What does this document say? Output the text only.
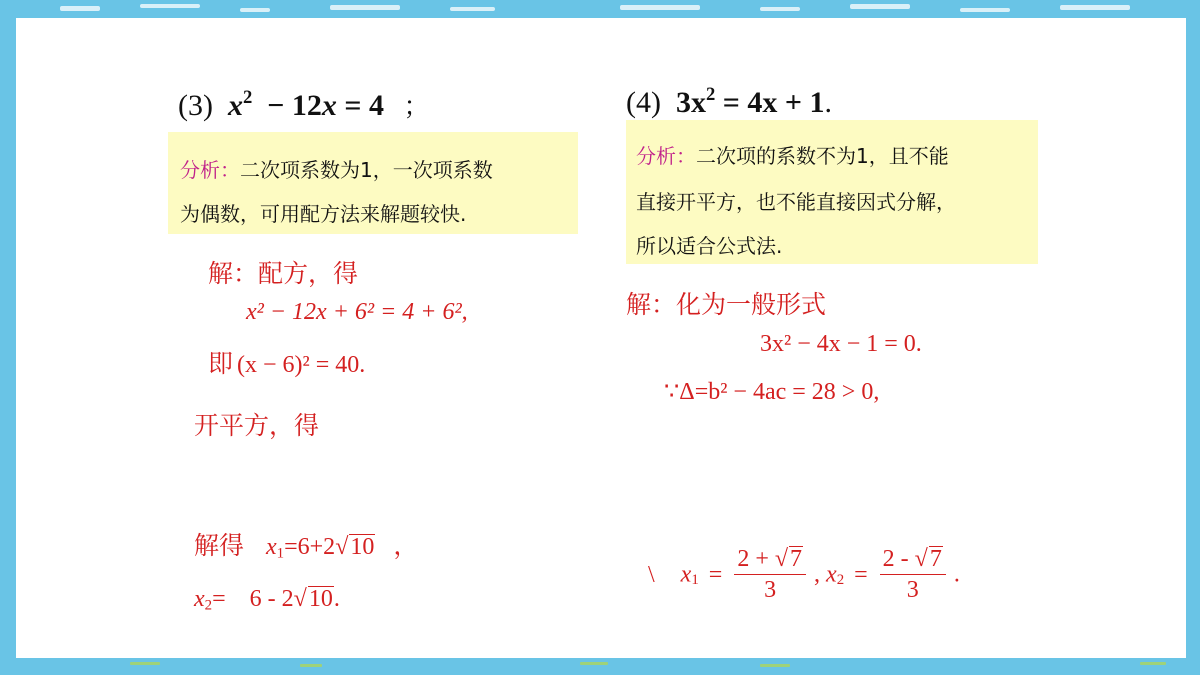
(3) $x^2 - 12x = 4$ ；
分析：二次项系数为1，一次项系数
为偶数，可用配方法来解题较快.
解：配方，得
x² − 12x + 6² = 4 + 6²,
即 (x − 6)² = 40.
开平方，得
解得 $x_1=6+2√10$ ，
$x_2= 6 - 2√10$.
(4) $3x^2 = 4x + 1$.
分析：二次项的系数不为1，且不能
直接开平方，也不能直接因式分解，
所以适合公式法.
解：化为一般形式
3x² − 4x − 1 = 0.
∵Δ=b² − 4ac = 28 > 0,
\ $x_1 = \frac{2 + √7}{3}$ , $x_2 = \frac{2 - √7}{3}$ .
